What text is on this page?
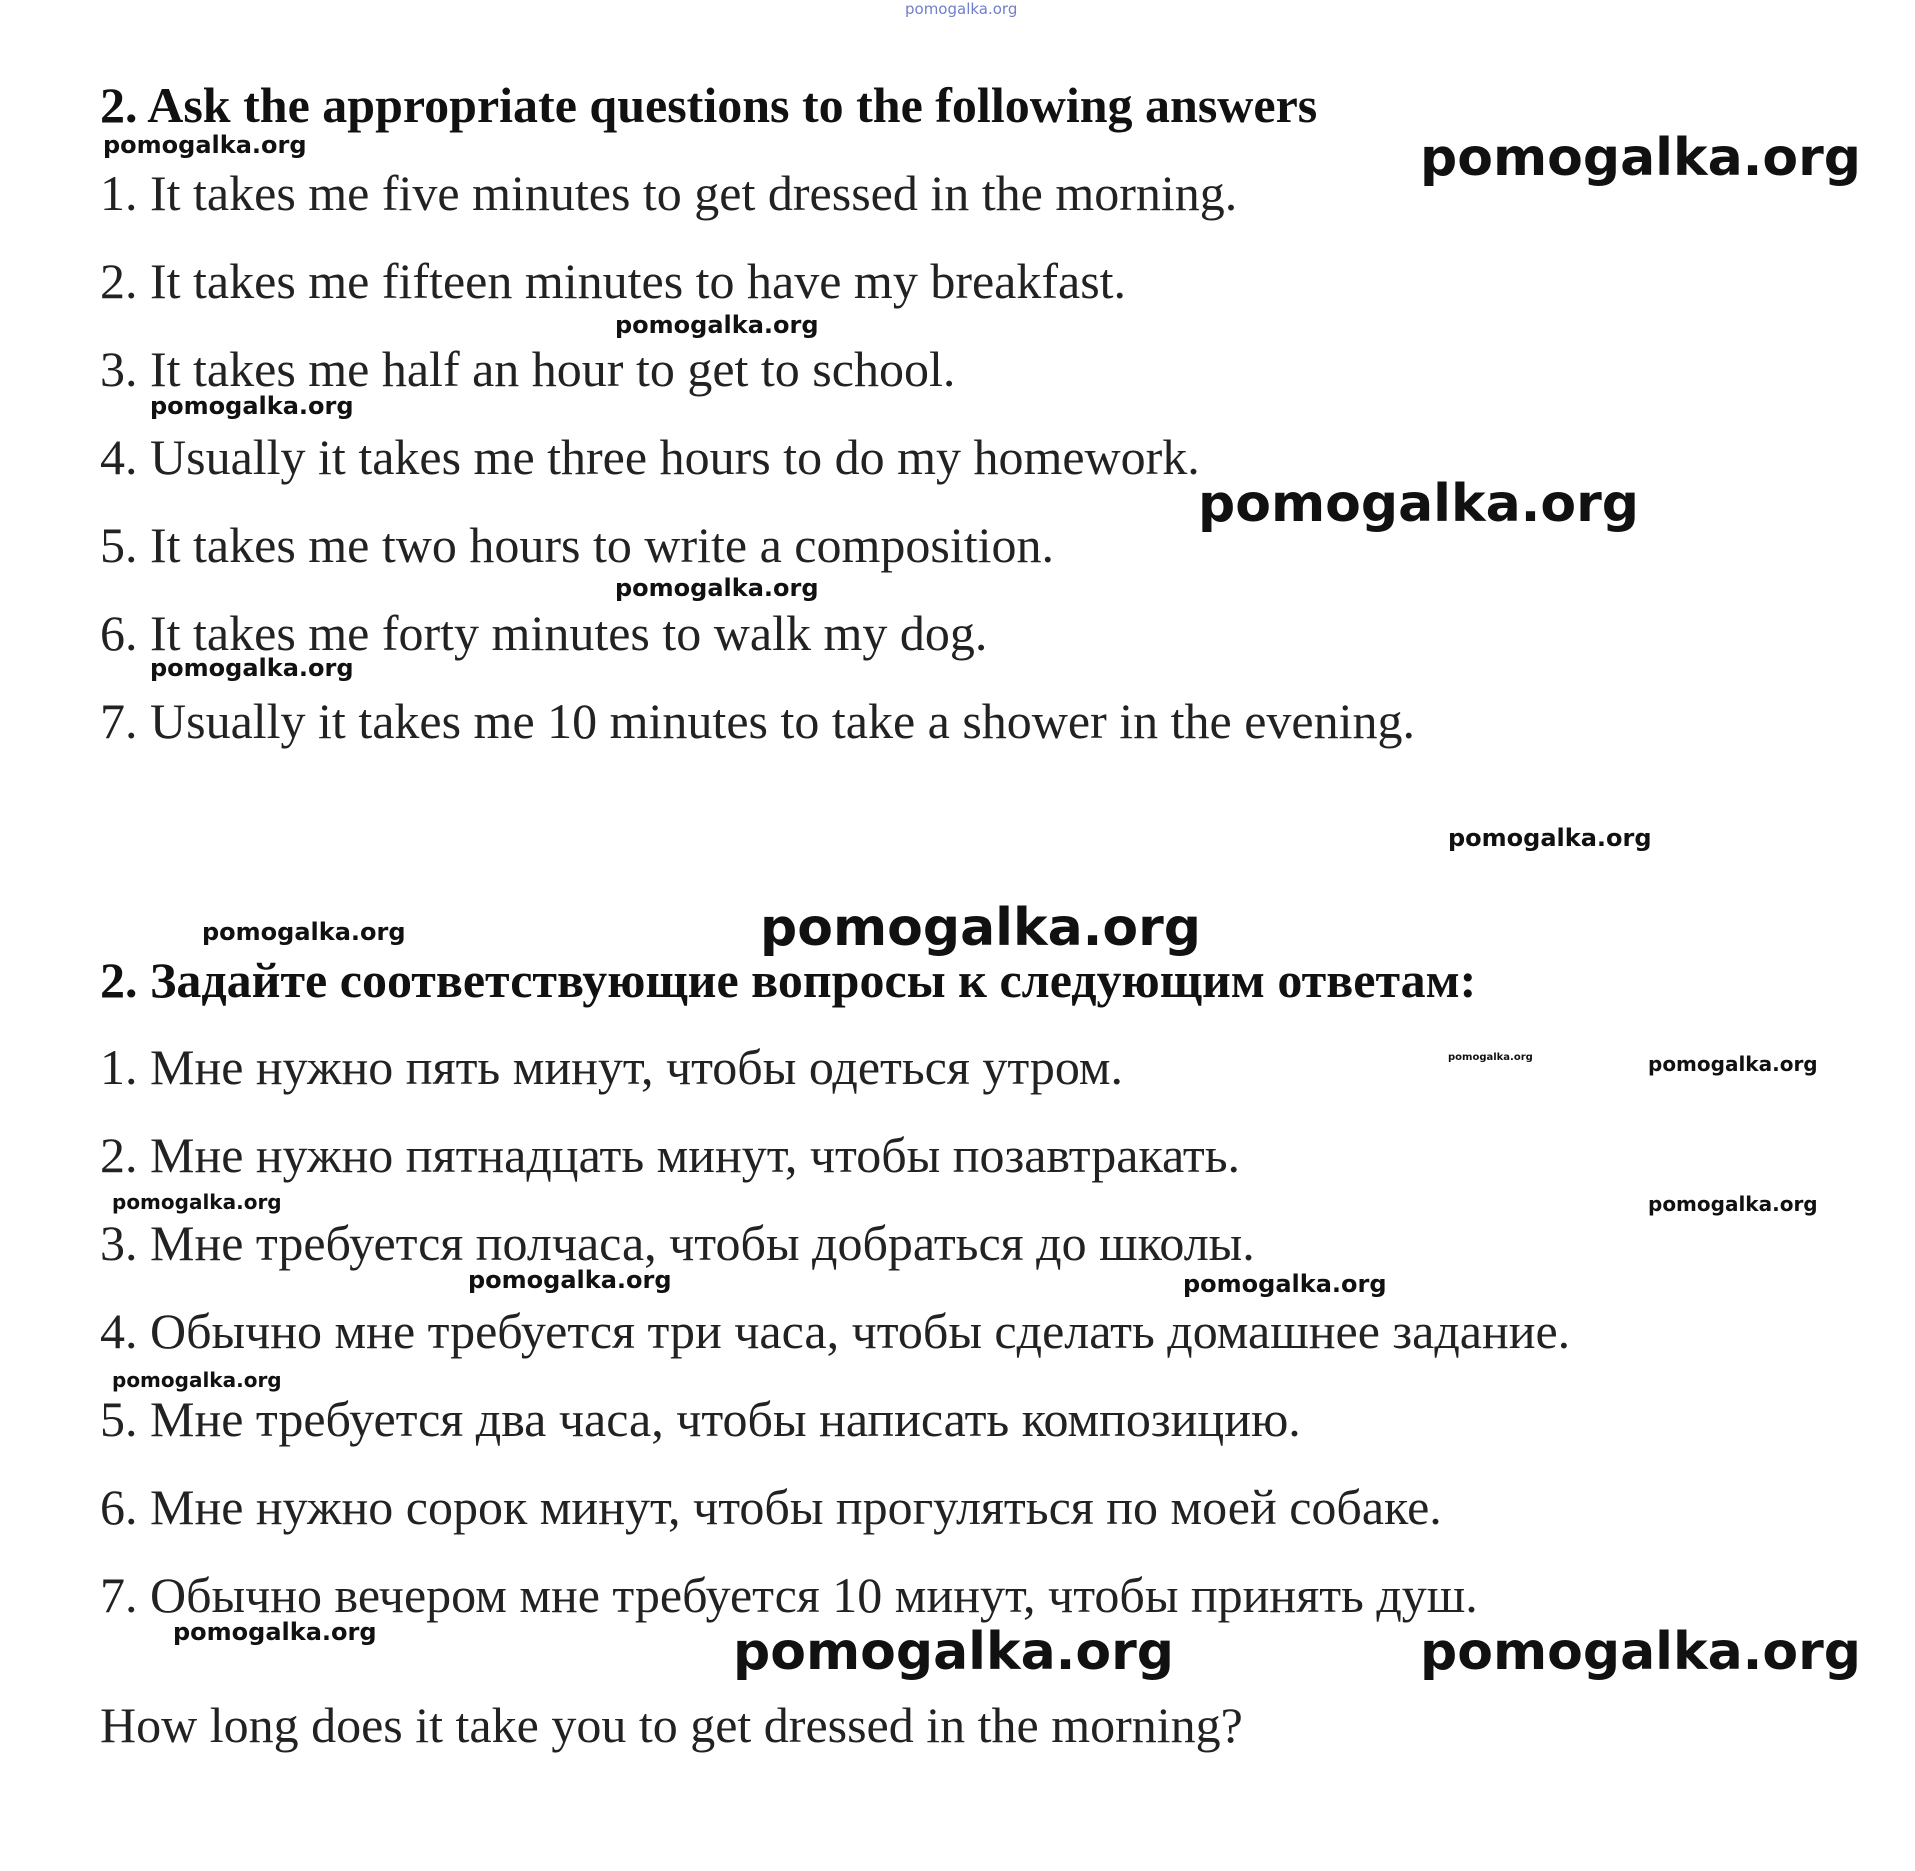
pomogalka.org
2. Ask the appropriate questions to the following answers
1. It takes me five minutes to get dressed in the morning.
2. It takes me fifteen minutes to have my breakfast.
3. It takes me half an hour to get to school.
4. Usually it takes me three hours to do my homework.
5. It takes me two hours to write a composition.
6. It takes me forty minutes to walk my dog.
7. Usually it takes me 10 minutes to take a shower in the evening.
2. Задайте соответствующие вопросы к следующим ответам:
1. Мне нужно пять минут, чтобы одеться утром.
2. Мне нужно пятнадцать минут, чтобы позавтракать.
3. Мне требуется полчаса, чтобы добраться до школы.
4. Обычно мне требуется три часа, чтобы сделать домашнее задание.
5. Мне требуется два часа, чтобы написать композицию.
6. Мне нужно сорок минут, чтобы прогуляться по моей собаке.
7. Обычно вечером мне требуется 10 минут, чтобы принять душ.
How long does it take you to get dressed in the morning?
pomogalka.org	pomogalka.org
pomogalka.org
pomogalka.org
pomogalka.org
pomogalka.org
pomogalka.org
pomogalka.org
pomogalka.org	pomogalka.org
pomogalka.org	pomogalka.org
pomogalka.org	pomogalka.org
pomogalka.org	pomogalka.org
pomogalka.org
pomogalka.org	pomogalka.org	pomogalka.org
